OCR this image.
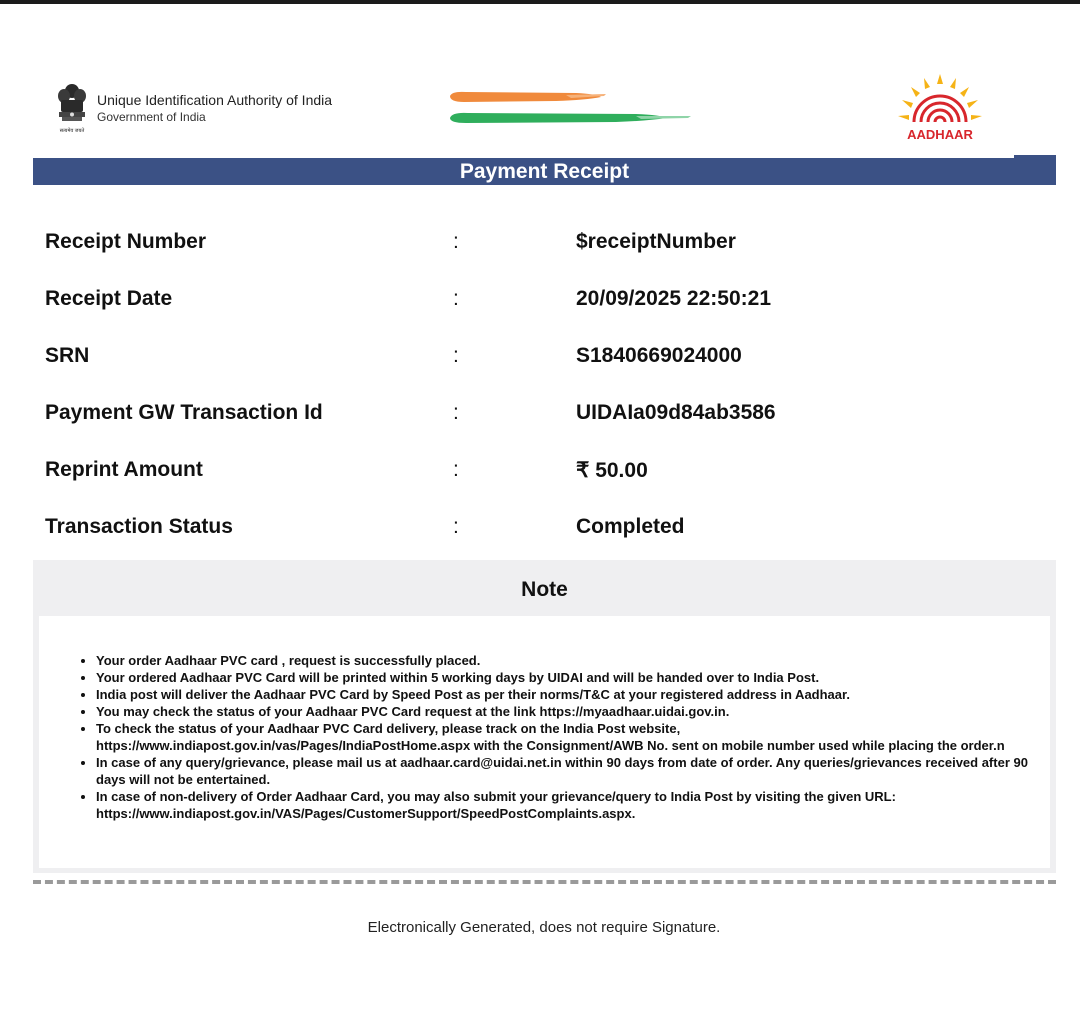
सत्यमेव जयते
Unique Identification Authority of India
Government of India
AADHAAR
Payment Receipt
Receipt Number	:	$receiptNumber
Receipt Date	:	20/09/2025 22:50:21
SRN	:	S1840669024000
Payment GW Transaction Id	:	UIDAIa09d84ab3586
Reprint Amount	:	₹ 50.00
Transaction Status	:	Completed
Note
• Your order Aadhaar PVC card , request is successfully placed.
• Your ordered Aadhaar PVC Card will be printed within 5 working days by UIDAI and will be handed over to India Post.
• India post will deliver the Aadhaar PVC Card by Speed Post as per their norms/T&C at your registered address in Aadhaar.
• You may check the status of your Aadhaar PVC Card request at the link https://myaadhaar.uidai.gov.in.
• To check the status of your Aadhaar PVC Card delivery, please track on the India Post website, https://www.indiapost.gov.in/vas/Pages/IndiaPostHome.aspx with the Consignment/AWB No. sent on mobile number used while placing the order.n
• In case of any query/grievance, please mail us at aadhaar.card@uidai.net.in within 90 days from date of order. Any queries/grievances received after 90 days will not be entertained.
• In case of non-delivery of Order Aadhaar Card, you may also submit your grievance/query to India Post by visiting the given URL: https://www.indiapost.gov.in/VAS/Pages/CustomerSupport/SpeedPostComplaints.aspx.
Electronically Generated, does not require Signature.
